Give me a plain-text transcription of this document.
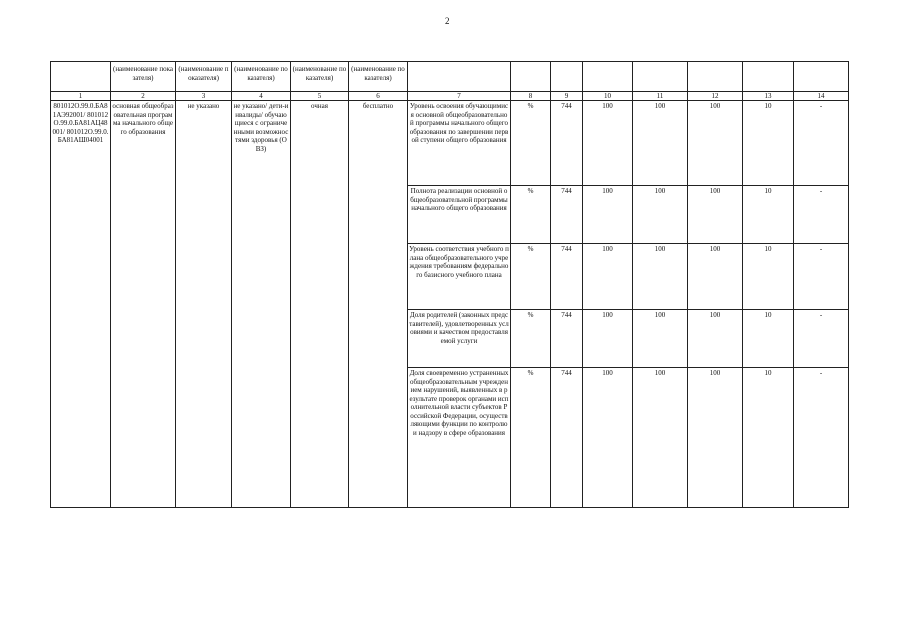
2
	(наименование показателя)	(наименование показателя)	(наименование показателя)	(наименование показателя)	(наименование показателя)								
1	2	3	4	5	6	7	8	9	10	11	12	13	14
801012О.99.0.БА81АЭ92001/ 801012О.99.0.БА81АЦ48001/ 801012О.99.0.БА81АШ04001	основная общеобразовательная программа начального общего образования	не указано	не указано/ дети-инвалиды/ обучающиеся с ограниченными возможностями здоровья (ОВЗ)	очная	бесплатно	Уровень освоения обучающимися основной общеобразовательной программы начального общего образования по завершении первой ступени общего образования	%	744	100	100	100	10	-
						Полнота реализации основной общеобразовательной программы начального общего образования	%	744	100	100	100	10	-
						Уровень соответствия учебного плана общеобразовательного учреждения требованиям федерального базисного учебного плана	%	744	100	100	100	10	-
						Доля родителей (законных представителей), удовлетворенных условиями и качеством предоставляемой услуги	%	744	100	100	100	10	-
						Доля своевременно устраненных общеобразовательным учреждением нарушений, выявленных в результате проверок органами исполнительной власти субъектов Российской Федерации, осуществляющими функции по контролю и надзору в сфере образования	%	744	100	100	100	10	-
